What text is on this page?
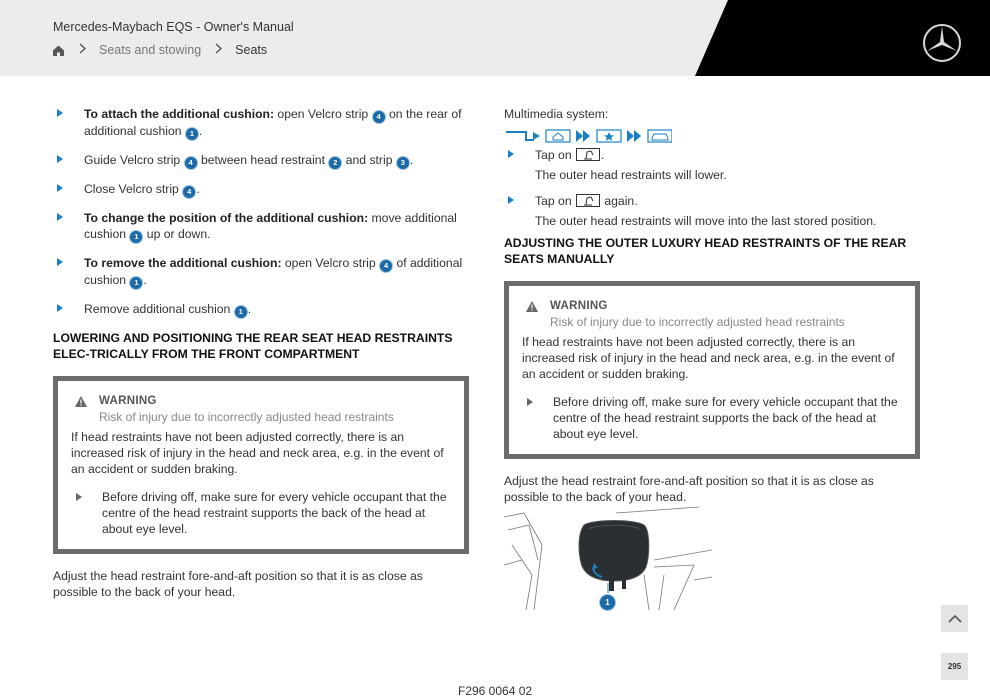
Mercedes-Maybach EQS - Owner's Manual
Seats and stowing	Seats
To attach the additional cushion: open Velcro strip 4 on the rear of additional cushion 1 .
Guide Velcro strip 4 between head restraint 2 and strip 3 .
Close Velcro strip 4 .
To change the position of the additional cushion: move additional cushion 1 up or down.
To remove the additional cushion: open Velcro strip 4 of additional cushion 1 .
Remove additional cushion 1 .
LOWERING AND POSITIONING THE REAR SEAT HEAD RESTRAINTS ELEC-TRICALLY FROM THE FRONT COMPARTMENT
WARNING
Risk of injury due to incorrectly adjusted head restraints
If head restraints have not been adjusted correctly, there is an increased risk of injury in the head and neck area, e.g. in the event of an accident or sudden braking.
Before driving off, make sure for every vehicle occupant that the centre of the head restraint supports the back of the head at about eye level.
Adjust the head restraint fore-and-aft position so that it is as close as possible to the back of your head.
Multimedia system:
Tap on
.
The outer head restraints will lower.
Tap on
again.
The outer head restraints will move into the last stored position.
ADJUSTING THE OUTER LUXURY HEAD RESTRAINTS OF THE REAR SEATS MANUALLY
WARNING
Risk of injury due to incorrectly adjusted head restraints
If head restraints have not been adjusted correctly, there is an increased risk of injury in the head and neck area, e.g. in the event of an accident or sudden braking.
Before driving off, make sure for every vehicle occupant that the centre of the head restraint supports the back of the head at about eye level.
Adjust the head restraint fore-and-aft position so that it is as close as possible to the back of your head.
1
F296 0064 02
295
